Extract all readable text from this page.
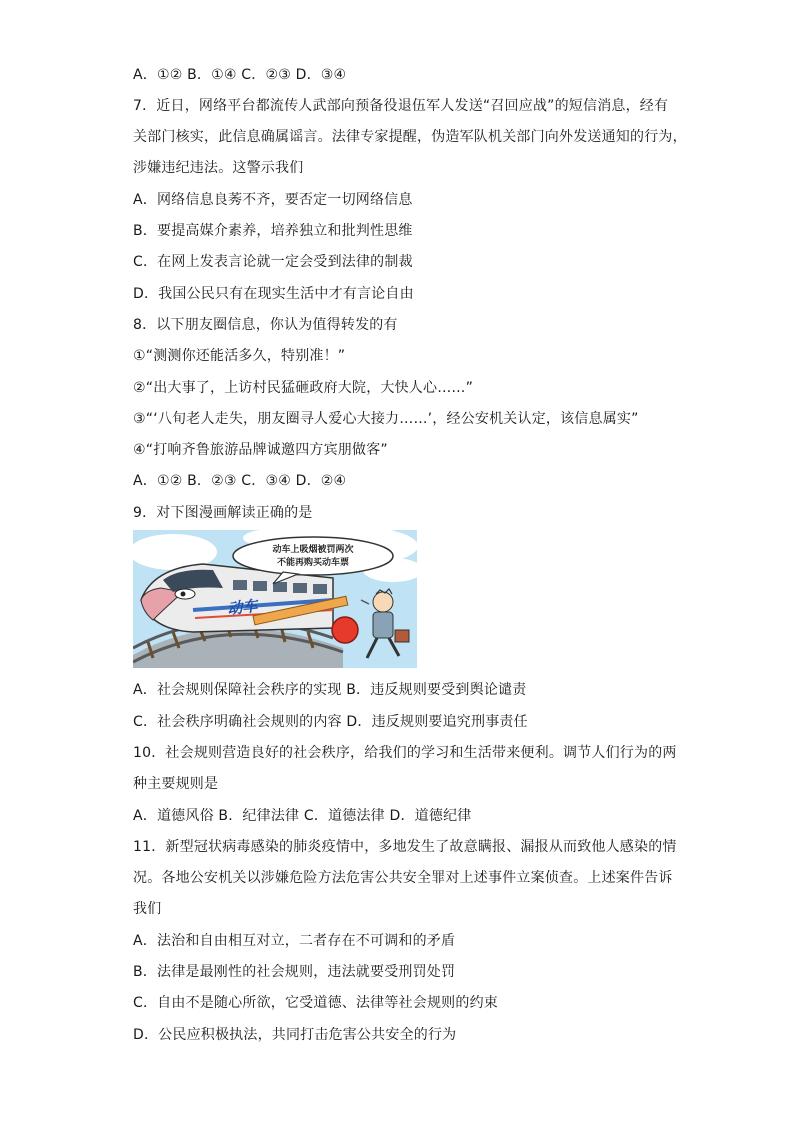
A．①② B．①④ C．②③ D．③④
7．近日，网络平台都流传人武部向预备役退伍军人发送“召回应战”的短信消息，经有
关部门核实，此信息确属谣言。法律专家提醒，伪造军队机关部门向外发送通知的行为，
涉嫌违纪违法。这警示我们
A．网络信息良莠不齐，要否定一切网络信息
B．要提高媒介素养，培养独立和批判性思维
C．在网上发表言论就一定会受到法律的制裁
D．我国公民只有在现实生活中才有言论自由
8．以下朋友圈信息，你认为值得转发的有
①“测测你还能活多久，特别准！”
②“出大事了，上访村民猛砸政府大院，大快人心……”
③“‘八旬老人走失，朋友圈寻人爱心大接力……’，经公安机关认定，该信息属实”
④“打响齐鲁旅游品牌诚邀四方宾朋做客”
A．①② B．②③ C．③④ D．②④
9．对下图漫画解读正确的是
动车上吸烟被罚两次
不能再购买动车票
动车
A．社会规则保障社会秩序的实现 B．违反规则要受到舆论谴责
C．社会秩序明确社会规则的内容 D．违反规则要追究刑事责任
10．社会规则营造良好的社会秩序，给我们的学习和生活带来便利。调节人们行为的两
种主要规则是
A．道德风俗 B．纪律法律 C．道德法律 D．道德纪律
11．新型冠状病毒感染的肺炎疫情中，多地发生了故意瞒报、漏报从而致他人感染的情
况。各地公安机关以涉嫌危险方法危害公共安全罪对上述事件立案侦查。上述案件告诉
我们
A．法治和自由相互对立，二者存在不可调和的矛盾
B．法律是最刚性的社会规则，违法就要受刑罚处罚
C．自由不是随心所欲，它受道德、法律等社会规则的约束
D．公民应积极执法，共同打击危害公共安全的行为
